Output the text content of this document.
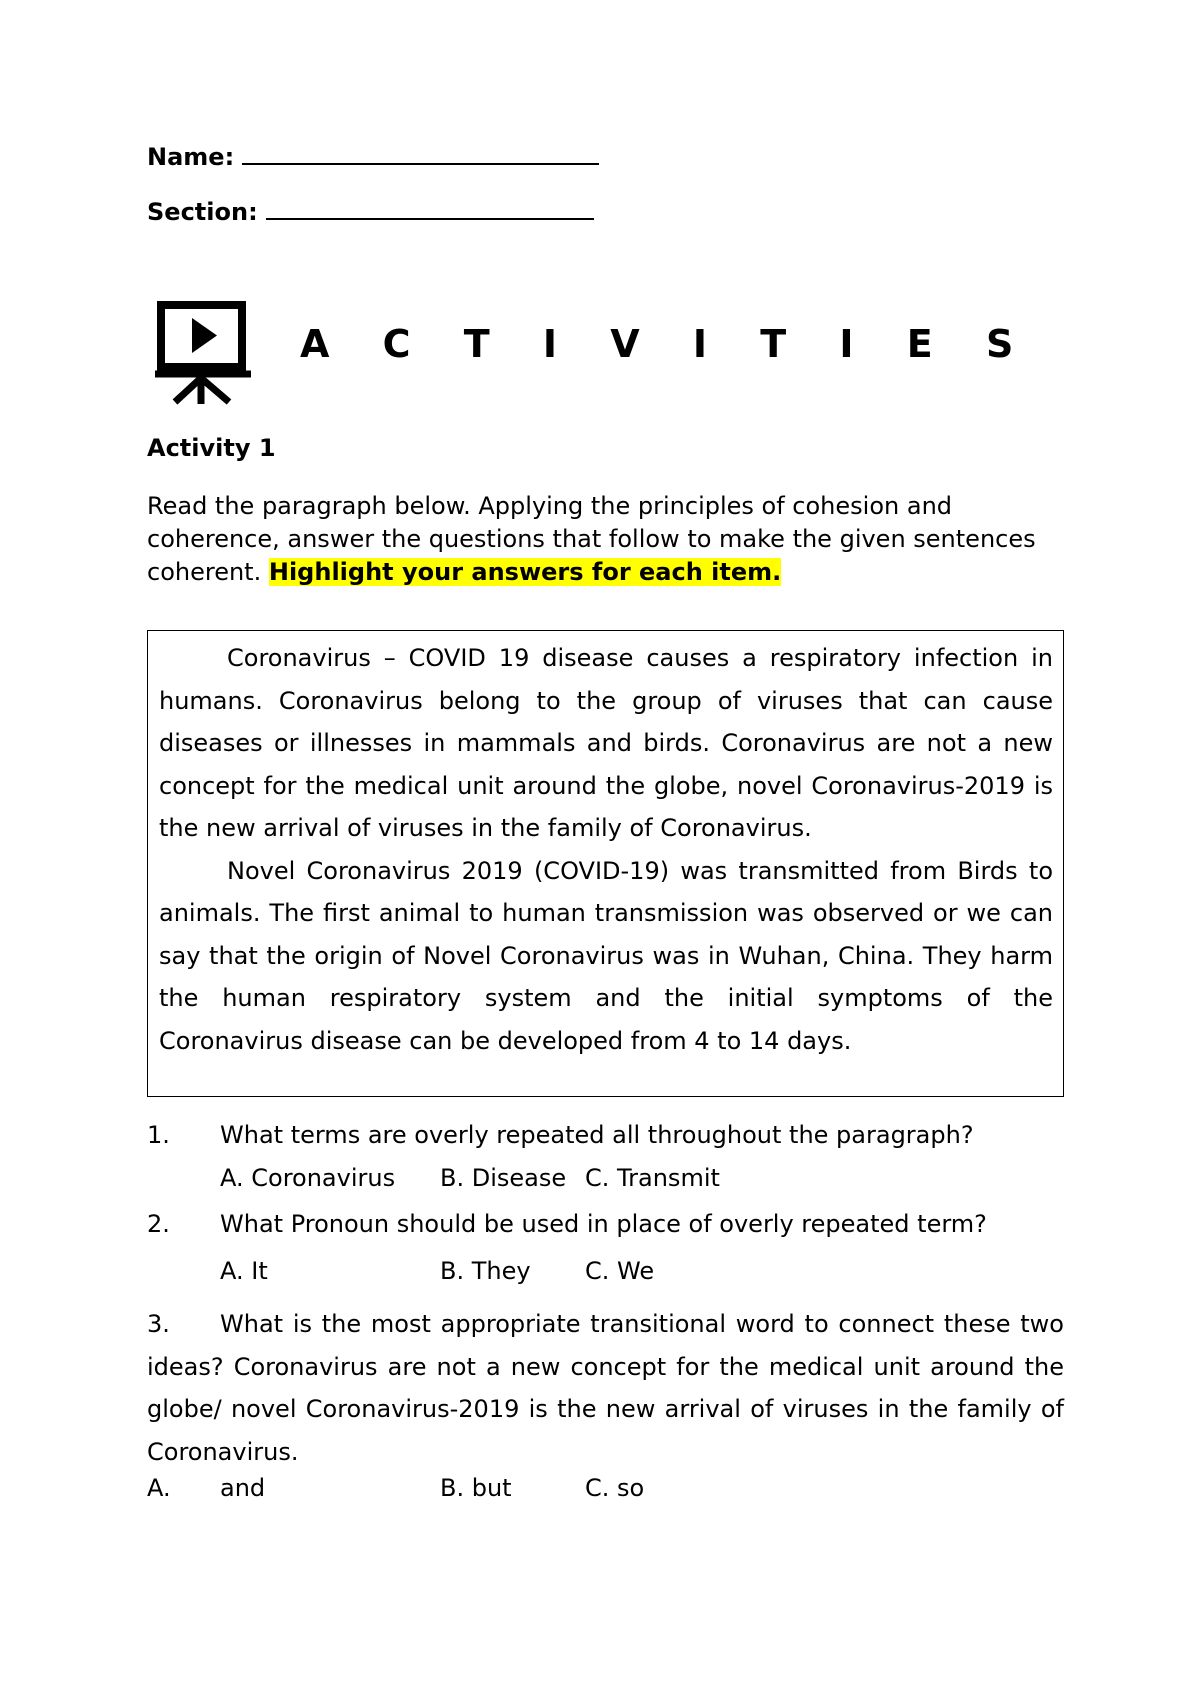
Name:
Section:
A C T I V I T I E S
Activity 1
Read the paragraph below. Applying the principles of cohesion and coherence, answer the questions that follow to make the given sentences coherent. Highlight your answers for each item.

Coronavirus – COVID 19 disease causes a respiratory infection in humans. Coronavirus belong to the group of viruses that can cause diseases or illnesses in mammals and birds. Coronavirus are not a new concept for the medical unit around the globe, novel Coronavirus-2019 is the new arrival of viruses in the family of Coronavirus.

Novel Coronavirus 2019 (COVID-19) was transmitted from Birds to animals. The first animal to human transmission was observed or we can say that the origin of Novel Coronavirus was in Wuhan, China. They harm the human respiratory system and the initial symptoms of the Coronavirus disease can be developed from 4 to 14 days.

1. What terms are overly repeated all throughout the paragraph?
A. Coronavirus B. Disease C. Transmit
2. What Pronoun should be used in place of overly repeated term?
A. It	B. They C. We
3. What is the most appropriate transitional word to connect these two ideas? Coronavirus are not a new concept for the medical unit around the globe/ novel Coronavirus-2019 is the new arrival of viruses in the family of Coronavirus.
A. and	B. but	C. so
